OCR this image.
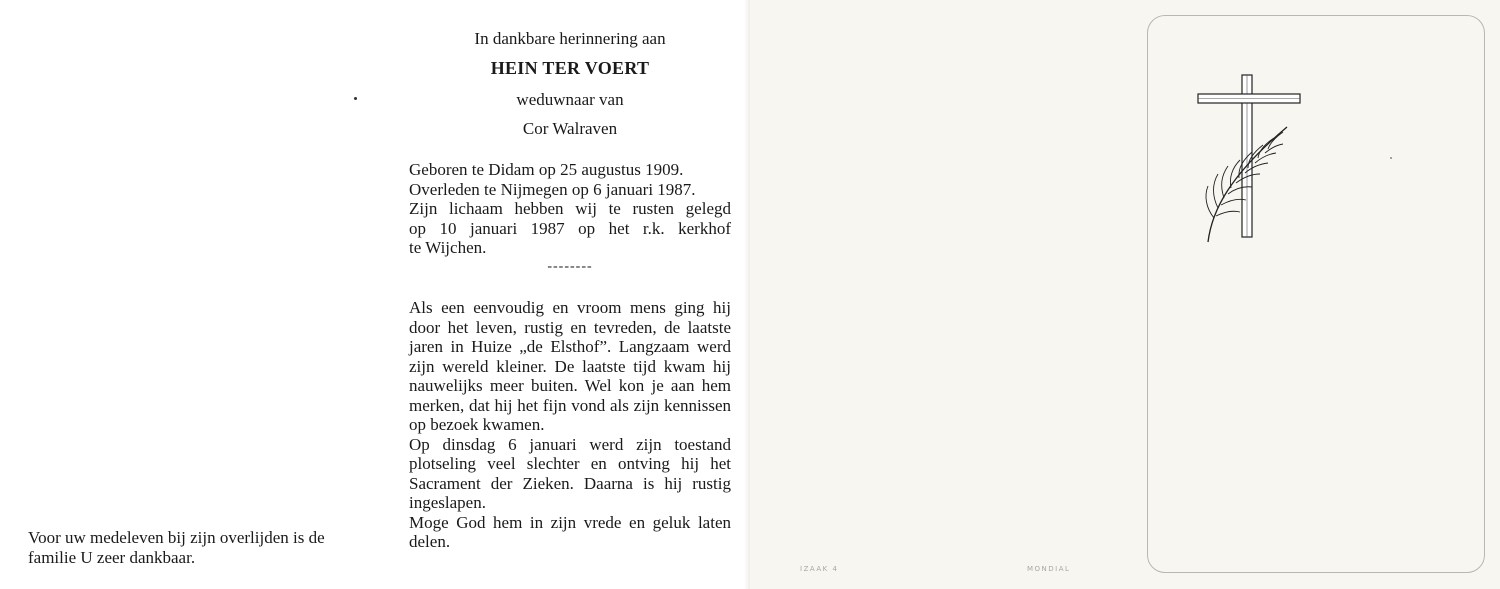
In dankbare herinnering aan
HEIN TER VOERT
weduwnaar van
Cor Walraven
Geboren te Didam op 25 augustus 1909.
Overleden te Nijmegen op 6 januari 1987.
Zijn lichaam hebben wij te rusten gelegd
op 10 januari 1987 op het r.k. kerkhof
te Wijchen.
--------

Als een eenvoudig en vroom mens ging hij door het leven, rustig en tevreden, de laatste jaren in Huize „de Elsthof”. Langzaam werd zijn wereld kleiner. De laatste tijd kwam hij nauwelijks meer buiten. Wel kon je aan hem merken, dat hij het fijn vond als zijn kennissen op bezoek kwamen.

Op dinsdag 6 januari werd zijn toestand plotseling veel slechter en ontving hij het Sacrament der Zieken. Daarna is hij rustig ingeslapen.

Moge God hem in zijn vrede en geluk laten delen.

Voor uw medeleven bij zijn overlijden is de familie U zeer dankbaar.
IZAAK 4	MONDIAL
